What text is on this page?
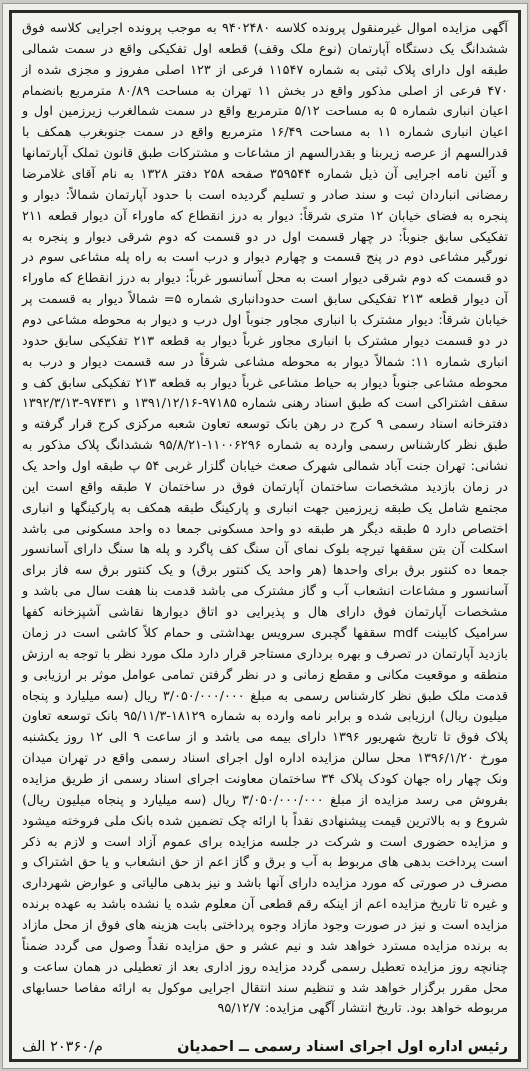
آگهی مزایده اموال غیرمنقول پرونده کلاسه ۹۴۰۲۴۸۰ به موجب پرونده اجرایی کلاسه فوق ششدانگ یک دستگاه آپارتمان (نوع ملک وقف) قطعه اول تفکیکی واقع در سمت شمالی طبقه اول دارای پلاک ثبتی به شماره ۱۱۵۴۷ فرعی از ۱۲۳ اصلی مفروز و مجزی شده از ۴۷۰ فرعی از اصلی مذکور واقع در بخش ۱۱ تهران به مساحت ۸۰/۸۹ مترمربع بانضمام اعیان انباری شماره ۵ به مساحت ۵/۱۲ مترمربع واقع در سمت شمالغرب زیرزمین اول و اعیان انباری شماره ۱۱ به مساحت ۱۶/۴۹ مترمربع واقع در سمت جنوبغرب همکف با قدرالسهم از عرصه زیربنا و بقدرالسهم از مشاعات و مشترکات طبق قانون تملک آپارتمانها و آئین نامه اجرایی آن ذیل شماره ۳۵۹۵۴۴ صفحه ۲۵۸ دفتر ۱۳۲۸ به نام آقای غلامرضا رمضانی انباردان ثبت و سند صادر و تسلیم گردیده است با حدود آپارتمان شمالاً: دیوار و پنجره به فضای خیابان ۱۲ متری شرقاً: دیوار به درز انقطاع که ماوراء آن دیوار قطعه ۲۱۱ تفکیکی سابق جنوباً: در چهار قسمت اول در دو قسمت که دوم شرقی دیوار و پنجره به نورگیر مشاعی دوم در پنج قسمت و چهارم دیوار و درب است به راه پله مشاعی سوم در دو قسمت که دوم شرقی دیوار است به محل آسانسور غرباً: دیوار به درز انقطاع که ماوراء آن دیوار قطعه ۲۱۳ تفکیکی سابق است حدودانباری شماره ۵= شمالاً دیوار به قسمت پر خیابان شرقاً: دیوار مشترک با انباری مجاور جنوباً اول درب و دیوار به محوطه مشاعی دوم در دو قسمت دیوار مشترک با انباری مجاور غرباً دیوار به قطعه ۲۱۳ تفکیکی سابق حدود انباری شماره ۱۱: شمالاً دیوار به محوطه مشاعی شرقاً در سه قسمت دیوار و درب به محوطه مشاعی جنوباً دیوار به حیاط مشاعی غرباً دیوار به قطعه ۲۱۳ تفکیکی سابق کف و سقف اشتراکی است که طبق اسناد رهنی شماره ۹۷۱۸۵-۱۳۹۱/۱۲/۱۶ و ۹۷۴۳۱-۱۳۹۲/۳/۱۳ دفترخانه اسناد رسمی ۹ کرج در رهن بانک توسعه تعاون شعبه مرکزی کرج قرار گرفته و طبق نظر کارشناس رسمی وارده به شماره ۱۱۰۰۶۲۹۶-۹۵/۸/۲۱ ششدانگ پلاک مذکور به نشانی: تهران جنت آباد شمالی شهرک صعث خیابان گلزار غربی ۵۴ پ طبقه اول واحد یک در زمان بازدید مشخصات ساختمان آپارتمان فوق در ساختمان ۷ طبقه واقع است این مجتمع شامل یک طبقه زیرزمین جهت انباری و پارکینگ طبقه همکف به پارکینگها و انباری اختصاص دارد ۵ طبقه دیگر هر طبقه دو واحد مسکونی جمعا ده واحد مسکونی می باشد اسکلت آن بتن سقفها تیرچه بلوک نمای آن سنگ کف پاگرد و پله ها سنگ دارای آسانسور جمعا ده کنتور برق برای واحدها (هر واحد یک کنتور برق) و یک کنتور برق سه فاز برای آسانسور و مشاعات انشعاب آب و گاز مشترک می باشد قدمت بنا هفت سال می باشد و مشخصات آپارتمان فوق دارای هال و پذیرایی دو اتاق دیوارها نقاشی آشپزخانه کفها سرامیک کابینت mdf سقفها گچبری سرویس بهداشتی و حمام کلاً کاشی است در زمان بازدید آپارتمان در تصرف و بهره برداری مستاجر قرار دارد ملک مورد نظر با توجه به ارزش منطقه و موقعیت مکانی و مقطع زمانی و در نظر گرفتن تمامی عوامل موثر بر ارزیابی و قدمت ملک طبق نظر کارشناس رسمی به مبلغ ۳/۰۵۰/۰۰۰/۰۰۰ ریال (سه میلیارد و پنجاه میلیون ریال) ارزیابی شده و برابر نامه وارده به شماره ۱۸۱۲۹-۹۵/۱۱/۳ بانک توسعه تعاون پلاک فوق تا تاریخ شهریور ۱۳۹۶ دارای بیمه می باشد و از ساعت ۹ الی ۱۲ روز یکشنبه مورخ ۱۳۹۶/۱/۲۰ محل سالن مزایده اداره اول اجرای اسناد رسمی واقع در تهران میدان ونک چهار راه جهان کودک پلاک ۳۴ ساختمان معاونت اجرای اسناد رسمی از طریق مزایده بفروش می رسد مزایده از مبلغ ۳/۰۵۰/۰۰۰/۰۰۰ ریال (سه میلیارد و پنجاه میلیون ریال) شروع و به بالاترین قیمت پیشنهادی نقداً با ارائه چک تضمین شده بانک ملی فروخته میشود و مزایده حضوری است و شرکت در جلسه مزایده برای عموم آزاد است و لازم به ذکر است پرداخت بدهی های مربوط به آب و برق و گاز اعم از حق انشعاب و یا حق اشتراک و مصرف در صورتی که مورد مزایده دارای آنها باشد و نیز بدهی مالیاتی و عوارض شهرداری و غیره تا تاریخ مزایده اعم از اینکه رقم قطعی آن معلوم شده یا نشده باشد به عهده برنده مزایده است و نیز در صورت وجود مازاد وجوه پرداختی بابت هزینه های فوق از محل مازاد به برنده مزایده مسترد خواهد شد و نیم عشر و حق مزایده نقداً وصول می گردد ضمناً چنانچه روز مزایده تعطیل رسمی گردد مزایده روز اداری بعد از تعطیلی در همان ساعت و محل مقرر برگزار خواهد شد و تنظیم سند انتقال اجرایی موکول به ارائه مفاصا حسابهای مربوطه خواهد بود. تاریخ انتشار آگهی مزایده: ۹۵/۱۲/۷
رئیس اداره اول اجرای اسناد رسمی ــ احمدیان
م/۲۰۳۶۰ الف
